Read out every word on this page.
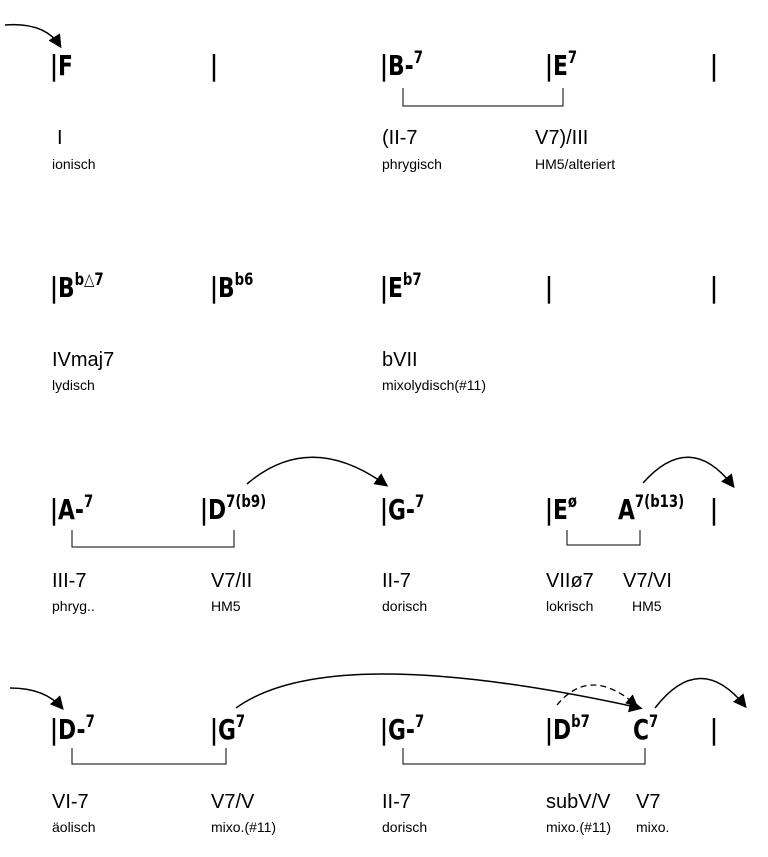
|F	|	|B-$^7$	$|E^7$	|
I
ionisch
(II-7
phrygisch
V7)/III
HM5/alteriert
$|B^{b\triangle 7}$	$|B^{b6}$	$|E^{b7}$	|	|
IVmaj7
lydisch
bVII
mixolydisch(#11)
|A-$^7$	$|D^{7(b9)}$	|G-$^7$	$|E^ø$ $A^{7(b13)}$ |
III-7
phryg..
V7/II
HM5
II-7
dorisch
VIIø7
lokrisch
V7/VI
HM5
|D-$^7$	$|G^7$	|G-$^7$	$|D^{b7}$ $C^7$ |
VI-7
äolisch
V7/V
mixo.(#11)
II-7
dorisch
subV/V
mixo.(#11)
V7
mixo.
